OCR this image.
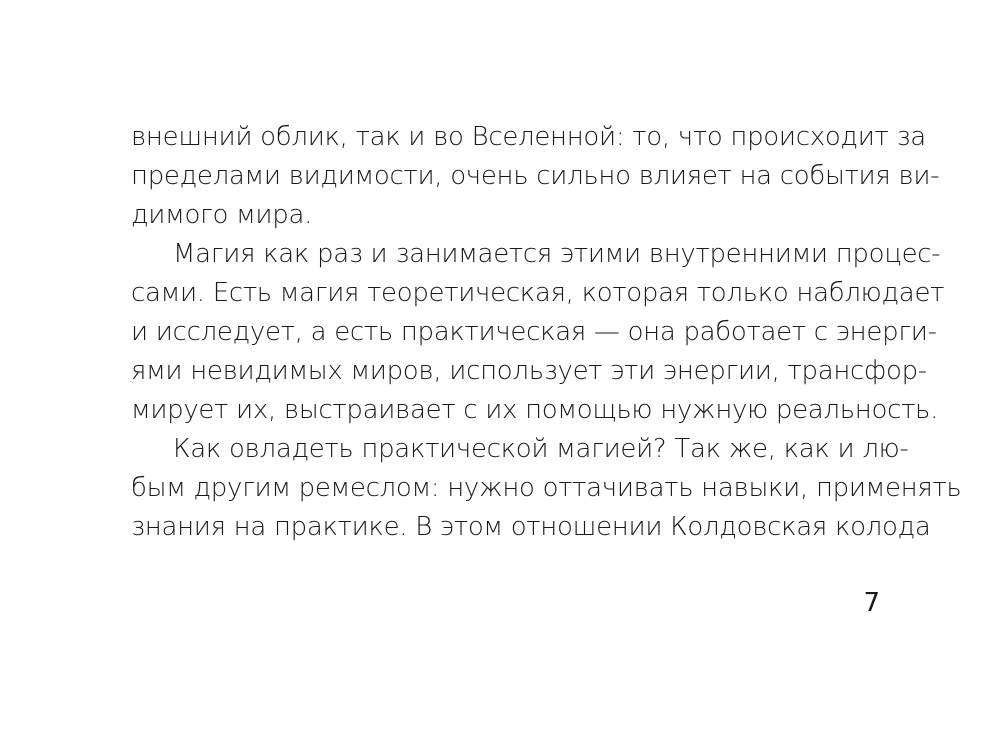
внешний облик, так и во Вселенной: то, что происходит за
пределами видимости, очень сильно влияет на события ви-
димого мира.
Магия как раз и занимается этими внутренними процес-
сами. Есть магия теоретическая, которая только наблюдает
и исследует, а есть практическая — она работает с энерги-
ями невидимых миров, использует эти энергии, трансфор-
мирует их, выстраивает с их помощью нужную реальность.
Как овладеть практической магией? Так же, как и лю-
бым другим ремеслом: нужно оттачивать навыки, применять
знания на практике. В этом отношении Колдовская колода
7
